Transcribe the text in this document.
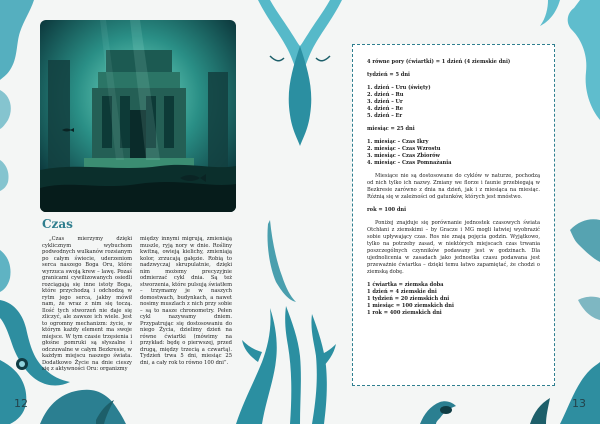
Czas

„Czas mierzymy dzięki cyklicznym wybuchom podwodnych wulkanów rozsianym po całym świecie, uderzeniom serca naszego Boga Oru, które wyrzuca swoją krew – lawę. Pozaś granicami cywilizowanych osiedli rozciągają się inne istoty Boga, które przychodzą i odchodzą w rytm jego serca, jakby mówił nam, że wraz z nim się toczą. Ilość tych stworzeń nie daje się zliczyć, ale zawsze ich wiele. Jest to ogromny mechanizm: życie, w którym każdy element ma swoje miejsce. W tym czasie trzęsienia i głośne pomruki są słyszalne i odczuwalne w całym Bezkresie, w każdym miejscu naszego świata. Dodatkowo Życie na dnie cieszy się z aktywności Oru: organizmy

między innymi migrują, zmieniają muszle, ryją nory w dnie. Rośliny kwitną, owieją kielichy, zmieniają kolor, zrzucają gałęzie. Robią to nadzwyczaj skrupulatnie, dzięki nim możemy precyzyjnie odmierzać cykl dnia. Są też stworzenia, które pulsują światłem – trzymamy je w naszych domostwach, budynkach, a nawet nosimy muszlach z nich przy sobie – są to nasze chronometry. Pełen cykl nazywamy dniem. Przypatrując się dostosowaniu do niego Życia, dzielimy dzień na równe ćwiartki (mówimy na przykład: będę o pierwszej, przed drugą, między trzecią a czwartą). Tydzień trwa 5 dni, miesiąc 25 dni, a cały rok to równo 100 dni”.

12
4 równe pory (ćwiartki) = 1 dzień (4 ziemskie dni)
tydzień = 5 dni
1. dzień – Uru (święty)
2. dzień – Ru
3. dzień – Ur
4. dzień – Re
5. dzień – Er
miesiąc = 25 dni
1. miesiąc – Czas Ikry
2. miesiąc – Czas Wzrostu
3. miesiąc – Czas Zbiorów
4. miesiąc – Czas Pomnażania

Miesiące nie są dostosowane do cyklów w naturze, pochodzą od nich tylko ich nazwy. Zmiany we florze i faunie przebiegają w Bezkresie zarówno z dnia na dzień, jak i z miesiąca na miesiąc. Różnią się w zależności od gatunków, których jest mnóstwo.

rok = 100 dni

Poniżej znajduje się porównanie jednostek czasowych świata Otchłani z ziemskimi – by Gracze i MG mogli łatwiej wyobrazić sobie upływający czas. Ros nie znają pojęcia godzin. Wyjątkowo, tylko na potrzeby zasad, w niektórych miejscach czas trwania poszczególnych czynników podawany jest w godzinach. Dla ujednolicenia w zasadach jako jednostka czasu podawana jest przeważnie ćwiartka – dzięki temu łatwo zapamiętać, że chodzi o ziemską dobę.

1 ćwiartka = ziemska doba
1 dzień = 4 ziemskie dni
1 tydzień = 20 ziemskich dni
1 miesiąc = 100 ziemskich dni
1 rok = 400 ziemskich dni
13
